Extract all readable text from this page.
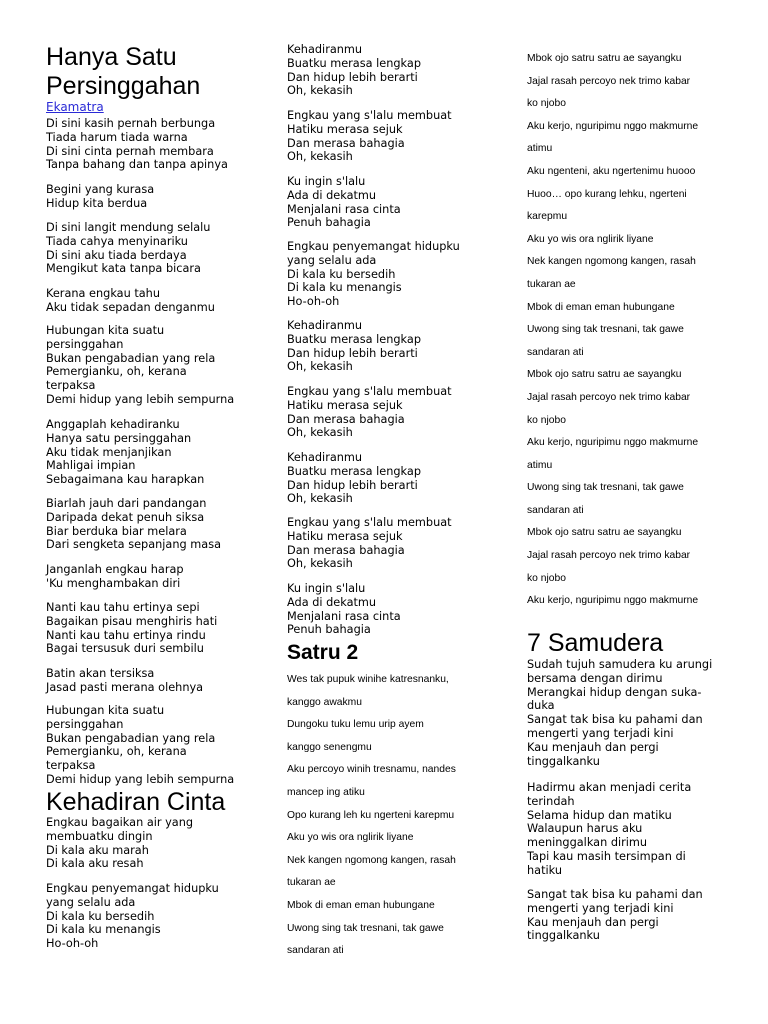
Hanya Satu
Persinggahan
Ekamatra
Di sini kasih pernah berbunga
Tiada harum tiada warna
Di sini cinta pernah membara
Tanpa bahang dan tanpa apinya
Begini yang kurasa
Hidup kita berdua
Di sini langit mendung selalu
Tiada cahya menyinariku
Di sini aku tiada berdaya
Mengikut kata tanpa bicara
Kerana engkau tahu
Aku tidak sepadan denganmu
Hubungan kita suatu
persinggahan
Bukan pengabadian yang rela
Pemergianku, oh, kerana
terpaksa
Demi hidup yang lebih sempurna
Anggaplah kehadiranku
Hanya satu persinggahan
Aku tidak menjanjikan
Mahligai impian
Sebagaimana kau harapkan
Biarlah jauh dari pandangan
Daripada dekat penuh siksa
Biar berduka biar melara
Dari sengketa sepanjang masa
Janganlah engkau harap
'Ku menghambakan diri
Nanti kau tahu ertinya sepi
Bagaikan pisau menghiris hati
Nanti kau tahu ertinya rindu
Bagai tersusuk duri sembilu
Batin akan tersiksa
Jasad pasti merana olehnya
Hubungan kita suatu
persinggahan
Bukan pengabadian yang rela
Pemergianku, oh, kerana
terpaksa
Demi hidup yang lebih sempurna
Kehadiran Cinta
Engkau bagaikan air yang
membuatku dingin
Di kala aku marah
Di kala aku resah
Engkau penyemangat hidupku
yang selalu ada
Di kala ku bersedih
Di kala ku menangis
Ho-oh-oh
Kehadiranmu
Buatku merasa lengkap
Dan hidup lebih berarti
Oh, kekasih
Engkau yang s'lalu membuat
Hatiku merasa sejuk
Dan merasa bahagia
Oh, kekasih
Ku ingin s'lalu
Ada di dekatmu
Menjalani rasa cinta
Penuh bahagia
Engkau penyemangat hidupku
yang selalu ada
Di kala ku bersedih
Di kala ku menangis
Ho-oh-oh
Kehadiranmu
Buatku merasa lengkap
Dan hidup lebih berarti
Oh, kekasih
Engkau yang s'lalu membuat
Hatiku merasa sejuk
Dan merasa bahagia
Oh, kekasih
Kehadiranmu
Buatku merasa lengkap
Dan hidup lebih berarti
Oh, kekasih
Engkau yang s'lalu membuat
Hatiku merasa sejuk
Dan merasa bahagia
Oh, kekasih
Ku ingin s'lalu
Ada di dekatmu
Menjalani rasa cinta
Penuh bahagia
Satru 2
Wes tak pupuk winihe katresnanku,
kanggo awakmu
Dungoku tuku lemu urip ayem
kanggo senengmu
Aku percoyo winih tresnamu, nandes
mancep ing atiku
Opo kurang leh ku ngerteni karepmu
Aku yo wis ora nglirik liyane
Nek kangen ngomong kangen, rasah
tukaran ae
Mbok di eman eman hubungane
Uwong sing tak tresnani, tak gawe
sandaran ati
Mbok ojo satru satru ae sayangku
Jajal rasah percoyo nek trimo kabar
ko njobo
Aku kerjo, nguripimu nggo makmurne
atimu
Aku ngenteni, aku ngertenimu huooo
Huoo… opo kurang lehku, ngerteni
karepmu
Aku yo wis ora nglirik liyane
Nek kangen ngomong kangen, rasah
tukaran ae
Mbok di eman eman hubungane
Uwong sing tak tresnani, tak gawe
sandaran ati
Mbok ojo satru satru ae sayangku
Jajal rasah percoyo nek trimo kabar
ko njobo
Aku kerjo, nguripimu nggo makmurne
atimu
Uwong sing tak tresnani, tak gawe
sandaran ati
Mbok ojo satru satru ae sayangku
Jajal rasah percoyo nek trimo kabar
ko njobo
Aku kerjo, nguripimu nggo makmurne
7 Samudera
Sudah tujuh samudera ku arungi
bersama dengan dirimu
Merangkai hidup dengan suka-
duka
Sangat tak bisa ku pahami dan
mengerti yang terjadi kini
Kau menjauh dan pergi
tinggalkanku
Hadirmu akan menjadi cerita
terindah
Selama hidup dan matiku
Walaupun harus aku
meninggalkan dirimu
Tapi kau masih tersimpan di
hatiku
Sangat tak bisa ku pahami dan
mengerti yang terjadi kini
Kau menjauh dan pergi
tinggalkanku
